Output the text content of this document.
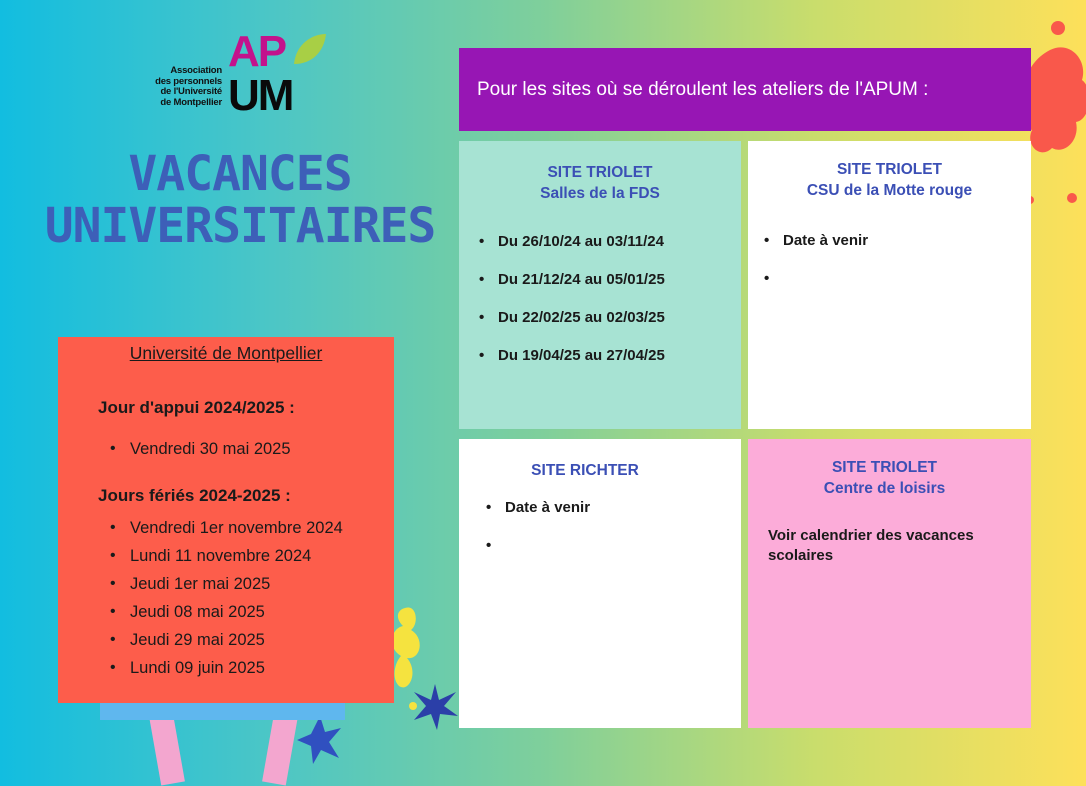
Association
des personnels
de l'Université
de Montpellier
AP
UM
VACANCES
UNIVERSITAIRES
Université de Montpellier
Jour d'appui 2024/2025 :
• Vendredi 30 mai 2025
Jours fériés 2024-2025 :
• Vendredi 1er novembre 2024
• Lundi 11 novembre 2024
• Jeudi 1er mai 2025
• Jeudi 08 mai 2025
• Jeudi 29 mai 2025
• Lundi 09 juin 2025
Pour les sites où se déroulent les ateliers de l'APUM :
SITE TRIOLET
Salles de la FDS
• Du 26/10/24 au 03/11/24
• Du 21/12/24 au 05/01/25
• Du 22/02/25 au 02/03/25
• Du 19/04/25 au 27/04/25
SITE TRIOLET
CSU de la Motte rouge
• Date à venir
•
SITE RICHTER
• Date à venir
•
SITE TRIOLET
Centre de loisirs
Voir calendrier des vacances
scolaires
